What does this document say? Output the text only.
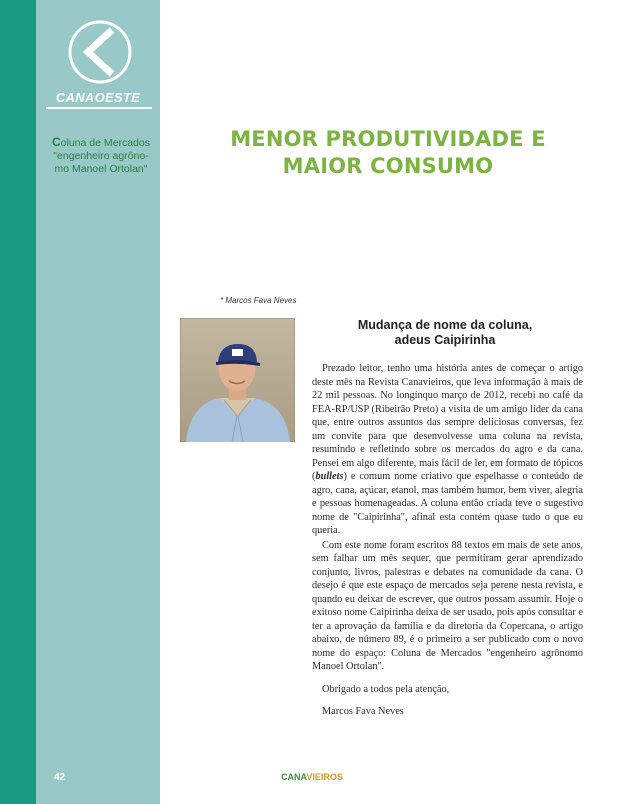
CANAOESTE
Coluna de Mercados
"engenheiro agrôno-
mo Manoel Ortolan"
MENOR PRODUTIVIDADE E
MAIOR CONSUMO
* Marcos Fava Neves
Mudança de nome da coluna,
adeus Caipirinha

Prezado leitor, tenho uma história antes de começar o artigo deste mês na Revista Canavieiros, que leva informação à mais de 22 mil pessoas. No longínquo março de 2012, recebi no café da FEA-RP/USP (Ribeirão Preto) a visita de um amigo líder da cana que, entre outros assuntos das sempre deliciosas conversas, fez um convite para que desenvolvesse uma coluna na revista, resumindo e refletindo sobre os mercados do agro e da cana. Pensei em algo diferente, mais fácil de ler, em formato de tópicos (bullets) e comum nome criativo que espelhasse o conteúdo de agro, cana, açúcar, etanol, mas também humor, bem viver, alegria e pessoas homenageadas. A coluna então criada teve o sugestivo nome de "Caipirinha", afinal esta contém quase tudo o que eu queria.

Com este nome foram escritos 88 textos em mais de sete anos, sem falhar um mês sequer, que permitiram gerar aprendizado conjunto, livros, palestras e debates na comunidade da cana. O desejo é que este espaço de mercados seja perene nesta revista, e quando eu deixar de escrever, que outros possam assumir. Hoje o exitoso nome Caipirinha deixa de ser usado, pois após consultar e ter a aprovação da família e da diretoria da Copercana, o artigo abaixo, de número 89, é o primeiro a ser publicado com o novo nome do espaço: Coluna de Mercados "engenheiro agrônomo Manoel Ortolan".

Obrigado a todos pela atenção,

Marcos Fava Neves

42	CANAVIEIROS
